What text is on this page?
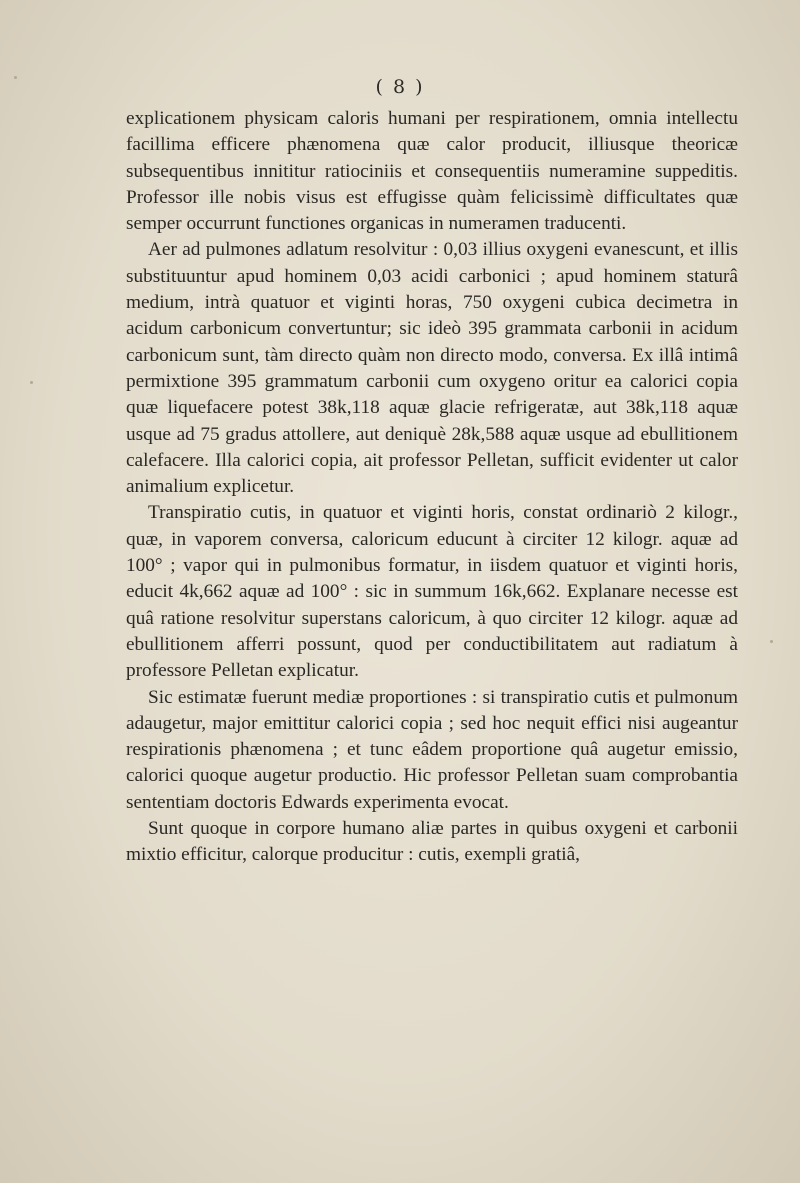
( 8 )

explicationem physicam caloris humani per respirationem, omnia intellectu facillima efficere phænomena quæ calor producit, illiusque theoricæ subsequentibus innititur ratiociniis et consequentiis numeramine suppeditis. Professor ille nobis visus est effugisse quàm felicissimè difficultates quæ semper occurrunt functiones organicas in numeramen traducenti.

Aer ad pulmones adlatum resolvitur : 0,03 illius oxygeni evanescunt, et illis substituuntur apud hominem 0,03 acidi carbonici ; apud hominem staturâ medium, intrà quatuor et viginti horas, 750 oxygeni cubica decimetra in acidum carbonicum convertuntur; sic ideò 395 grammata carbonii in acidum carbonicum sunt, tàm directo quàm non directo modo, conversa. Ex illâ intimâ permixtione 395 grammatum carbonii cum oxygeno oritur ea calorici copia quæ liquefacere potest 38k,118 aquæ glacie refrigeratæ, aut 38k,118 aquæ usque ad 75 gradus attollere, aut deniquè 28k,588 aquæ usque ad ebullitionem calefacere. Illa calorici copia, ait professor Pelletan, sufficit evidenter ut calor animalium explicetur.

Transpiratio cutis, in quatuor et viginti horis, constat ordinariò 2 kilogr., quæ, in vaporem conversa, caloricum educunt à circiter 12 kilogr. aquæ ad 100° ; vapor qui in pulmonibus formatur, in iisdem quatuor et viginti horis, educit 4k,662 aquæ ad 100° : sic in summum 16k,662. Explanare necesse est quâ ratione resolvitur superstans caloricum, à quo circiter 12 kilogr. aquæ ad ebullitionem afferri possunt, quod per conductibilitatem aut radiatum à professore Pelletan explicatur.

Sic estimatæ fuerunt mediæ proportiones : si transpiratio cutis et pulmonum adaugetur, major emittitur calorici copia ; sed hoc nequit effici nisi augeantur respirationis phænomena ; et tunc eâdem proportione quâ augetur emissio, calorici quoque augetur productio. Hic professor Pelletan suam comprobantia sententiam doctoris Edwards experimenta evocat.

Sunt quoque in corpore humano aliæ partes in quibus oxygeni et carbonii mixtio efficitur, calorque producitur : cutis, exempli gratiâ,
